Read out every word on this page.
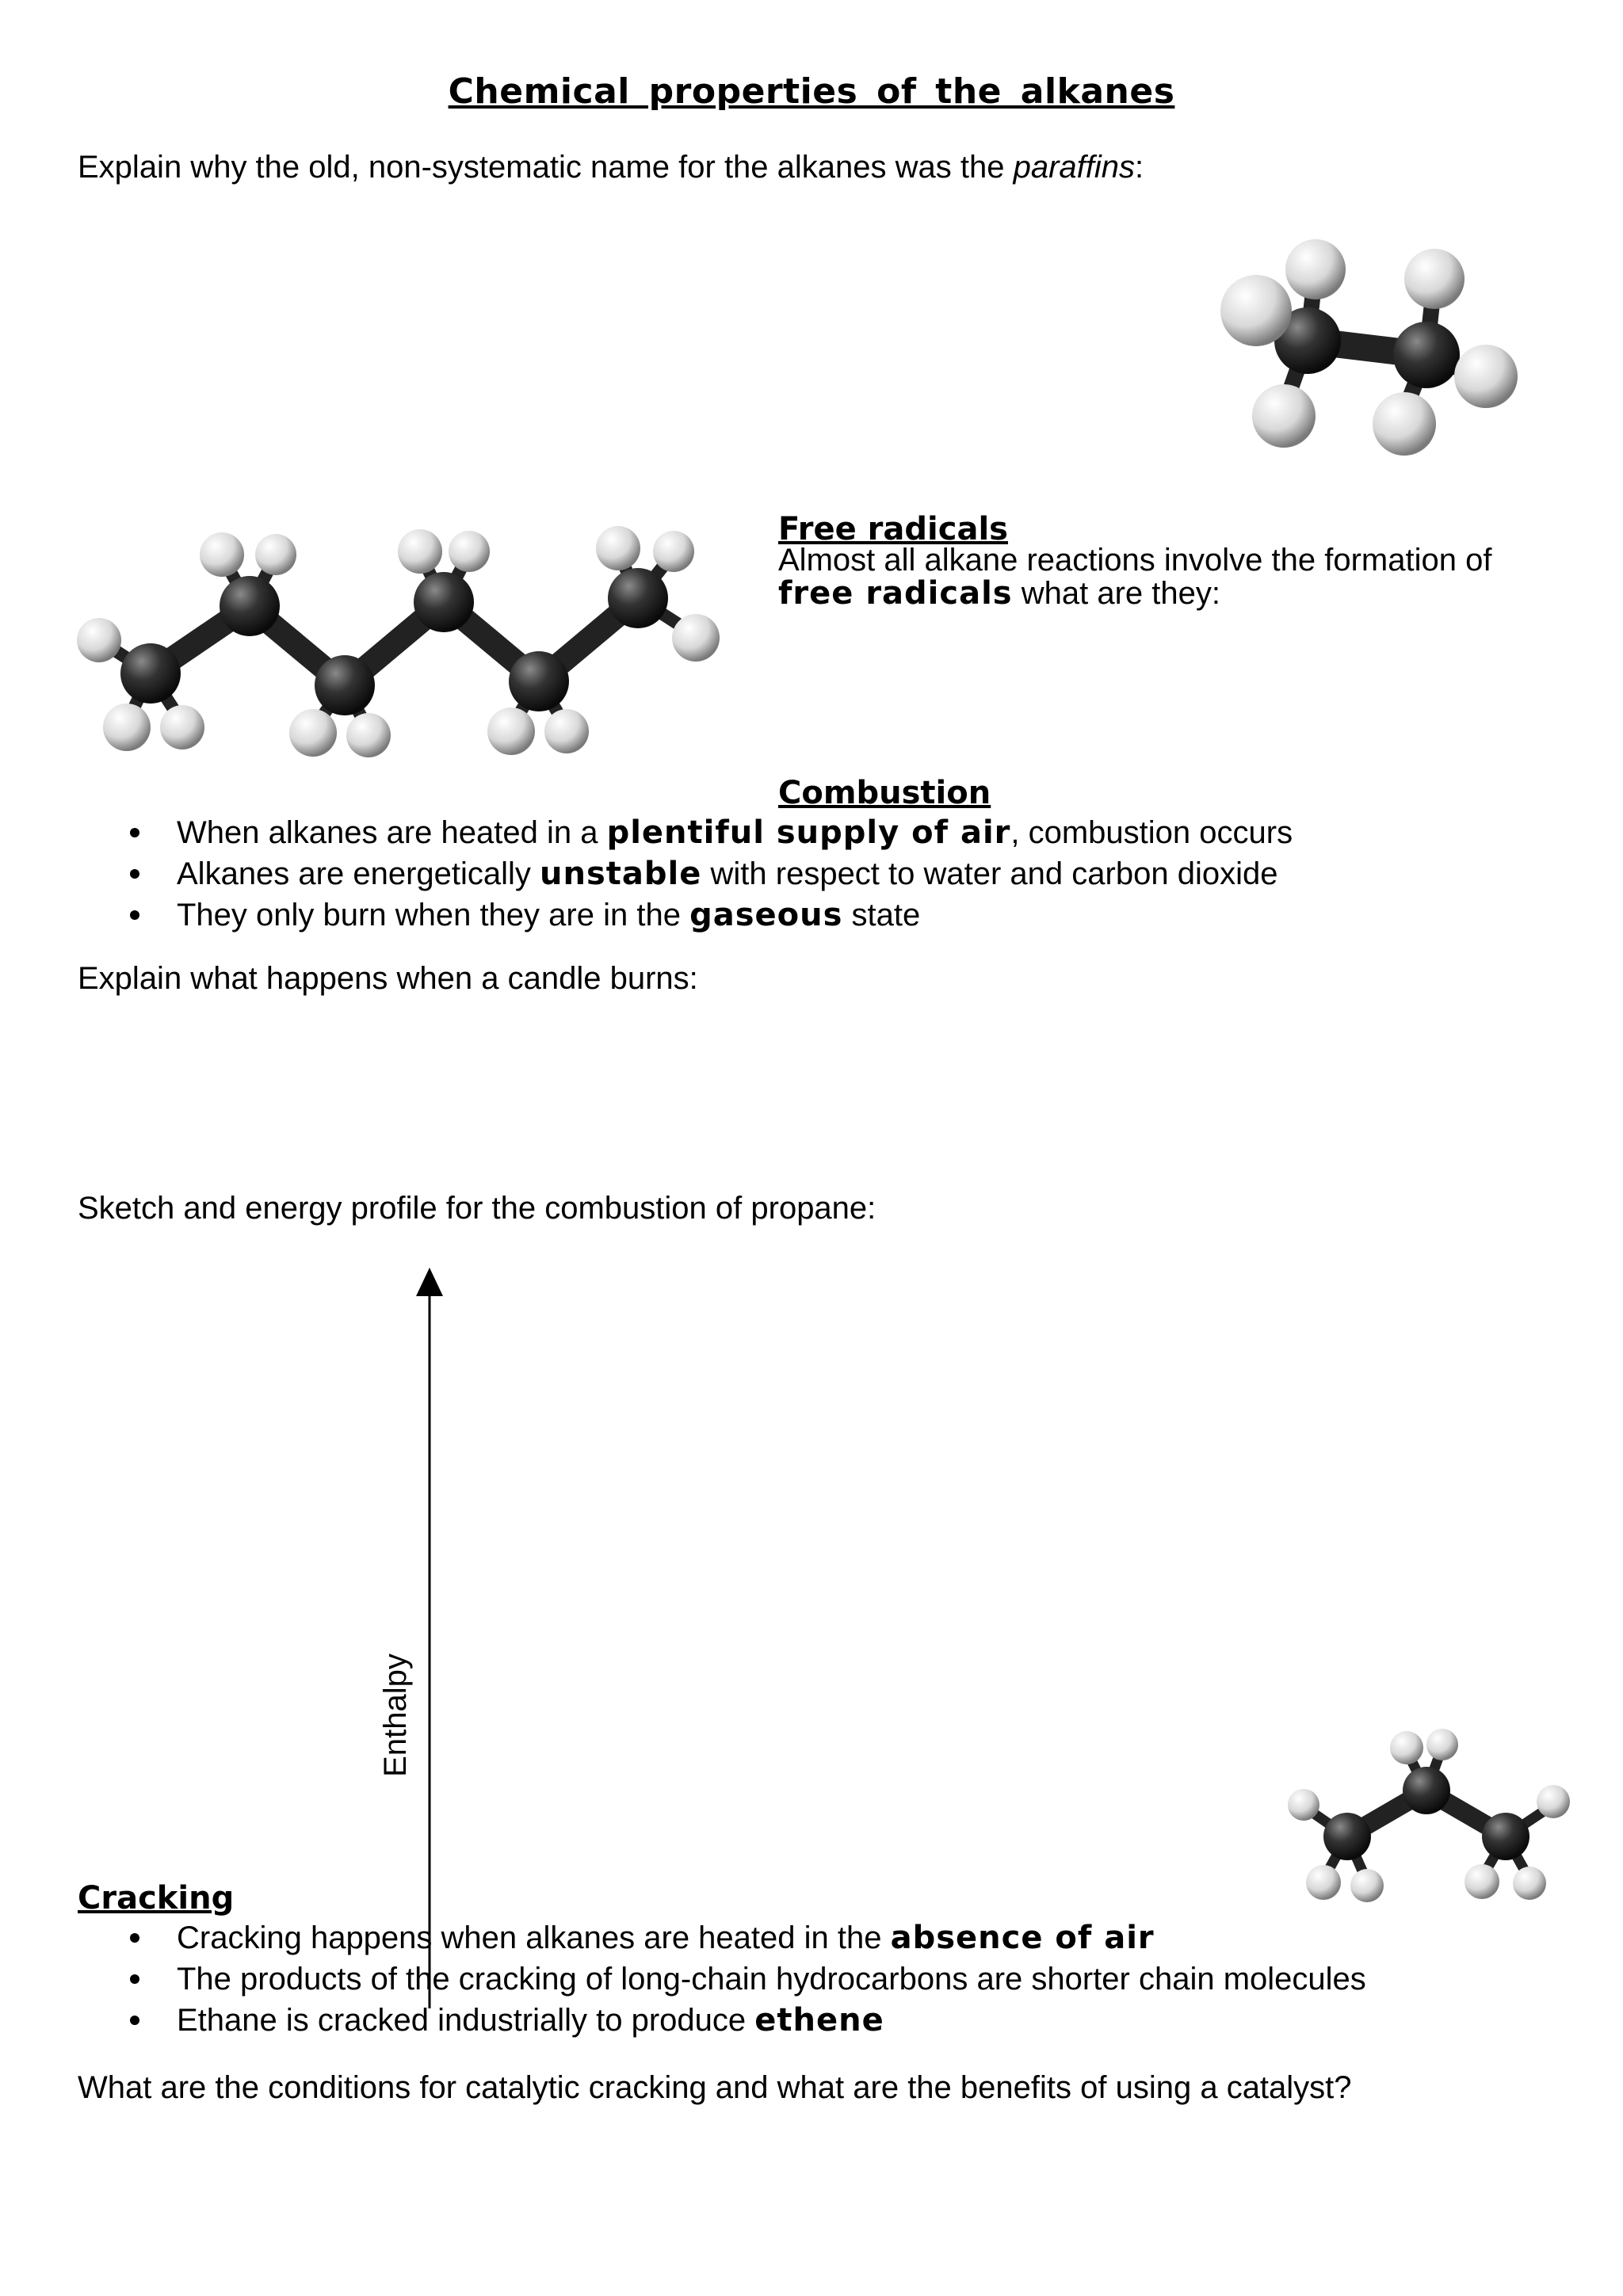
Chemical properties of the alkanes
Explain why the old, non-systematic name for the alkanes was the paraffins:
Free radicals
Almost all alkane reactions involve the formation of
free radicals what are they:
Combustion
When alkanes are heated in a plentiful supply of air, combustion occurs
Alkanes are energetically unstable with respect to water and carbon dioxide
They only burn when they are in the gaseous state
Explain what happens when a candle burns:
Sketch and energy profile for the combustion of propane:
Enthalpy
Cracking
Cracking happens when alkanes are heated in the absence of air
The products of the cracking of long-chain hydrocarbons are shorter chain molecules
Ethane is cracked industrially to produce ethene
What are the conditions for catalytic cracking and what are the benefits of using a catalyst?
